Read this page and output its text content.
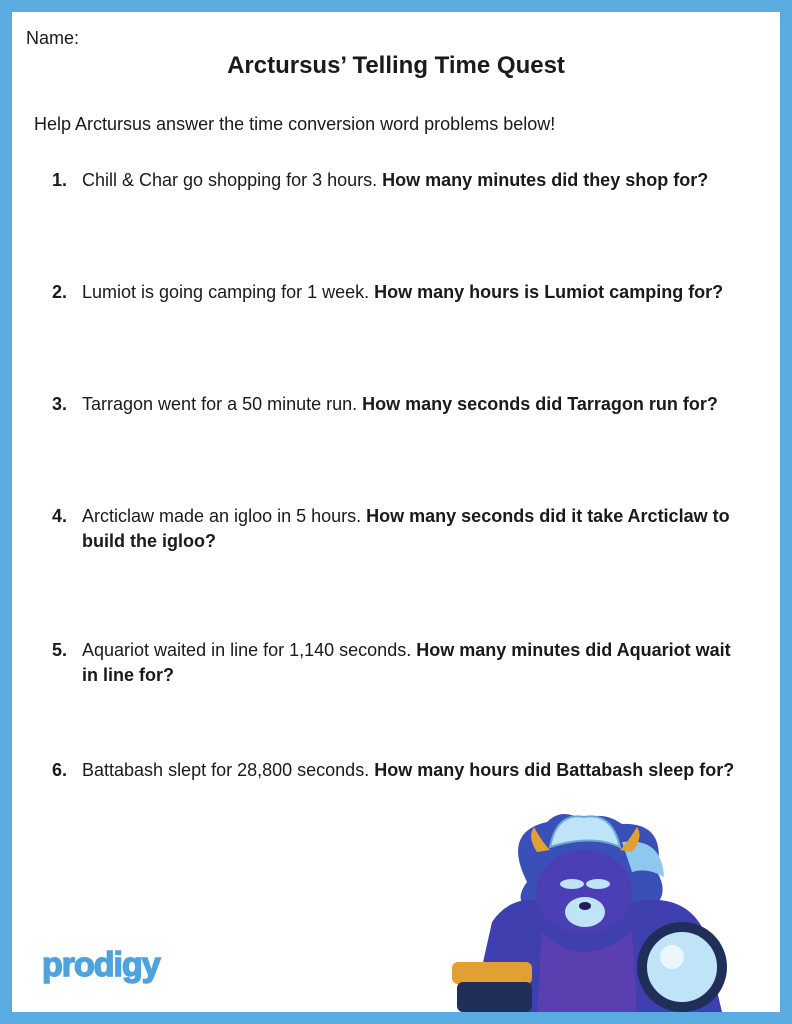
Name:
Arctursus’ Telling Time Quest
Help Arctursus answer the time conversion word problems below!
1. Chill & Char go shopping for 3 hours. How many minutes did they shop for?
2. Lumiot is going camping for 1 week. How many hours is Lumiot camping for?
3. Tarragon went for a 50 minute run. How many seconds did Tarragon run for?
4. Arcticlaw made an igloo in 5 hours. How many seconds did it take Arcticlaw to build the igloo?
5. Aquariot waited in line for 1,140 seconds. How many minutes did Aquariot wait in line for?
6. Battabash slept for 28,800 seconds. How many hours did Battabash sleep for?
prodigy
